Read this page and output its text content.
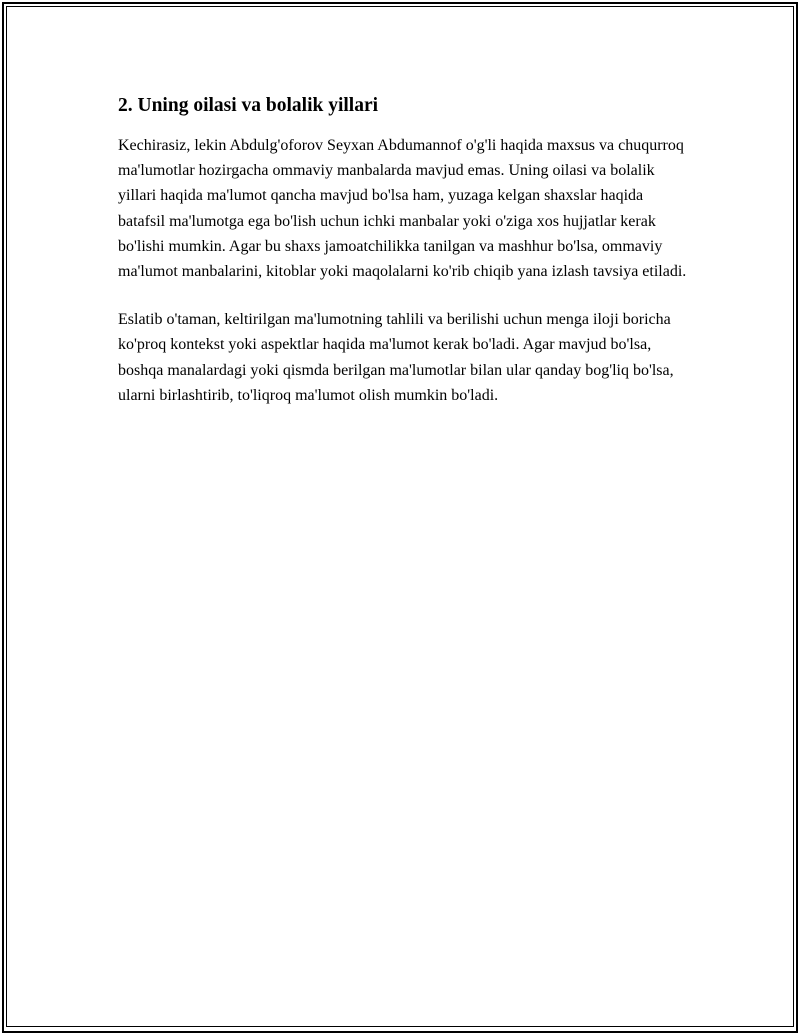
2. Uning oilasi va bolalik yillari

Kechirasiz, lekin Abdulg'oforov Seyxan Abdumannof o'g'li haqida maxsus va chuqurroq ma'lumotlar hozirgacha ommaviy manbalarda mavjud emas. Uning oilasi va bolalik yillari haqida ma'lumot qancha mavjud bo'lsa ham, yuzaga kelgan shaxslar haqida batafsil ma'lumotga ega bo'lish uchun ichki manbalar yoki o'ziga xos hujjatlar kerak bo'lishi mumkin. Agar bu shaxs jamoatchilikka tanilgan va mashhur bo'lsa, ommaviy ma'lumot manbalarini, kitoblar yoki maqolalarni ko'rib chiqib yana izlash tavsiya etiladi.

Eslatib o'taman, keltirilgan ma'lumotning tahlili va berilishi uchun menga iloji boricha ko'proq kontekst yoki aspektlar haqida ma'lumot kerak bo'ladi. Agar mavjud bo'lsa, boshqa manalardagi yoki qismda berilgan ma'lumotlar bilan ular qanday bog'liq bo'lsa, ularni birlashtirib, to'liqroq ma'lumot olish mumkin bo'ladi.
